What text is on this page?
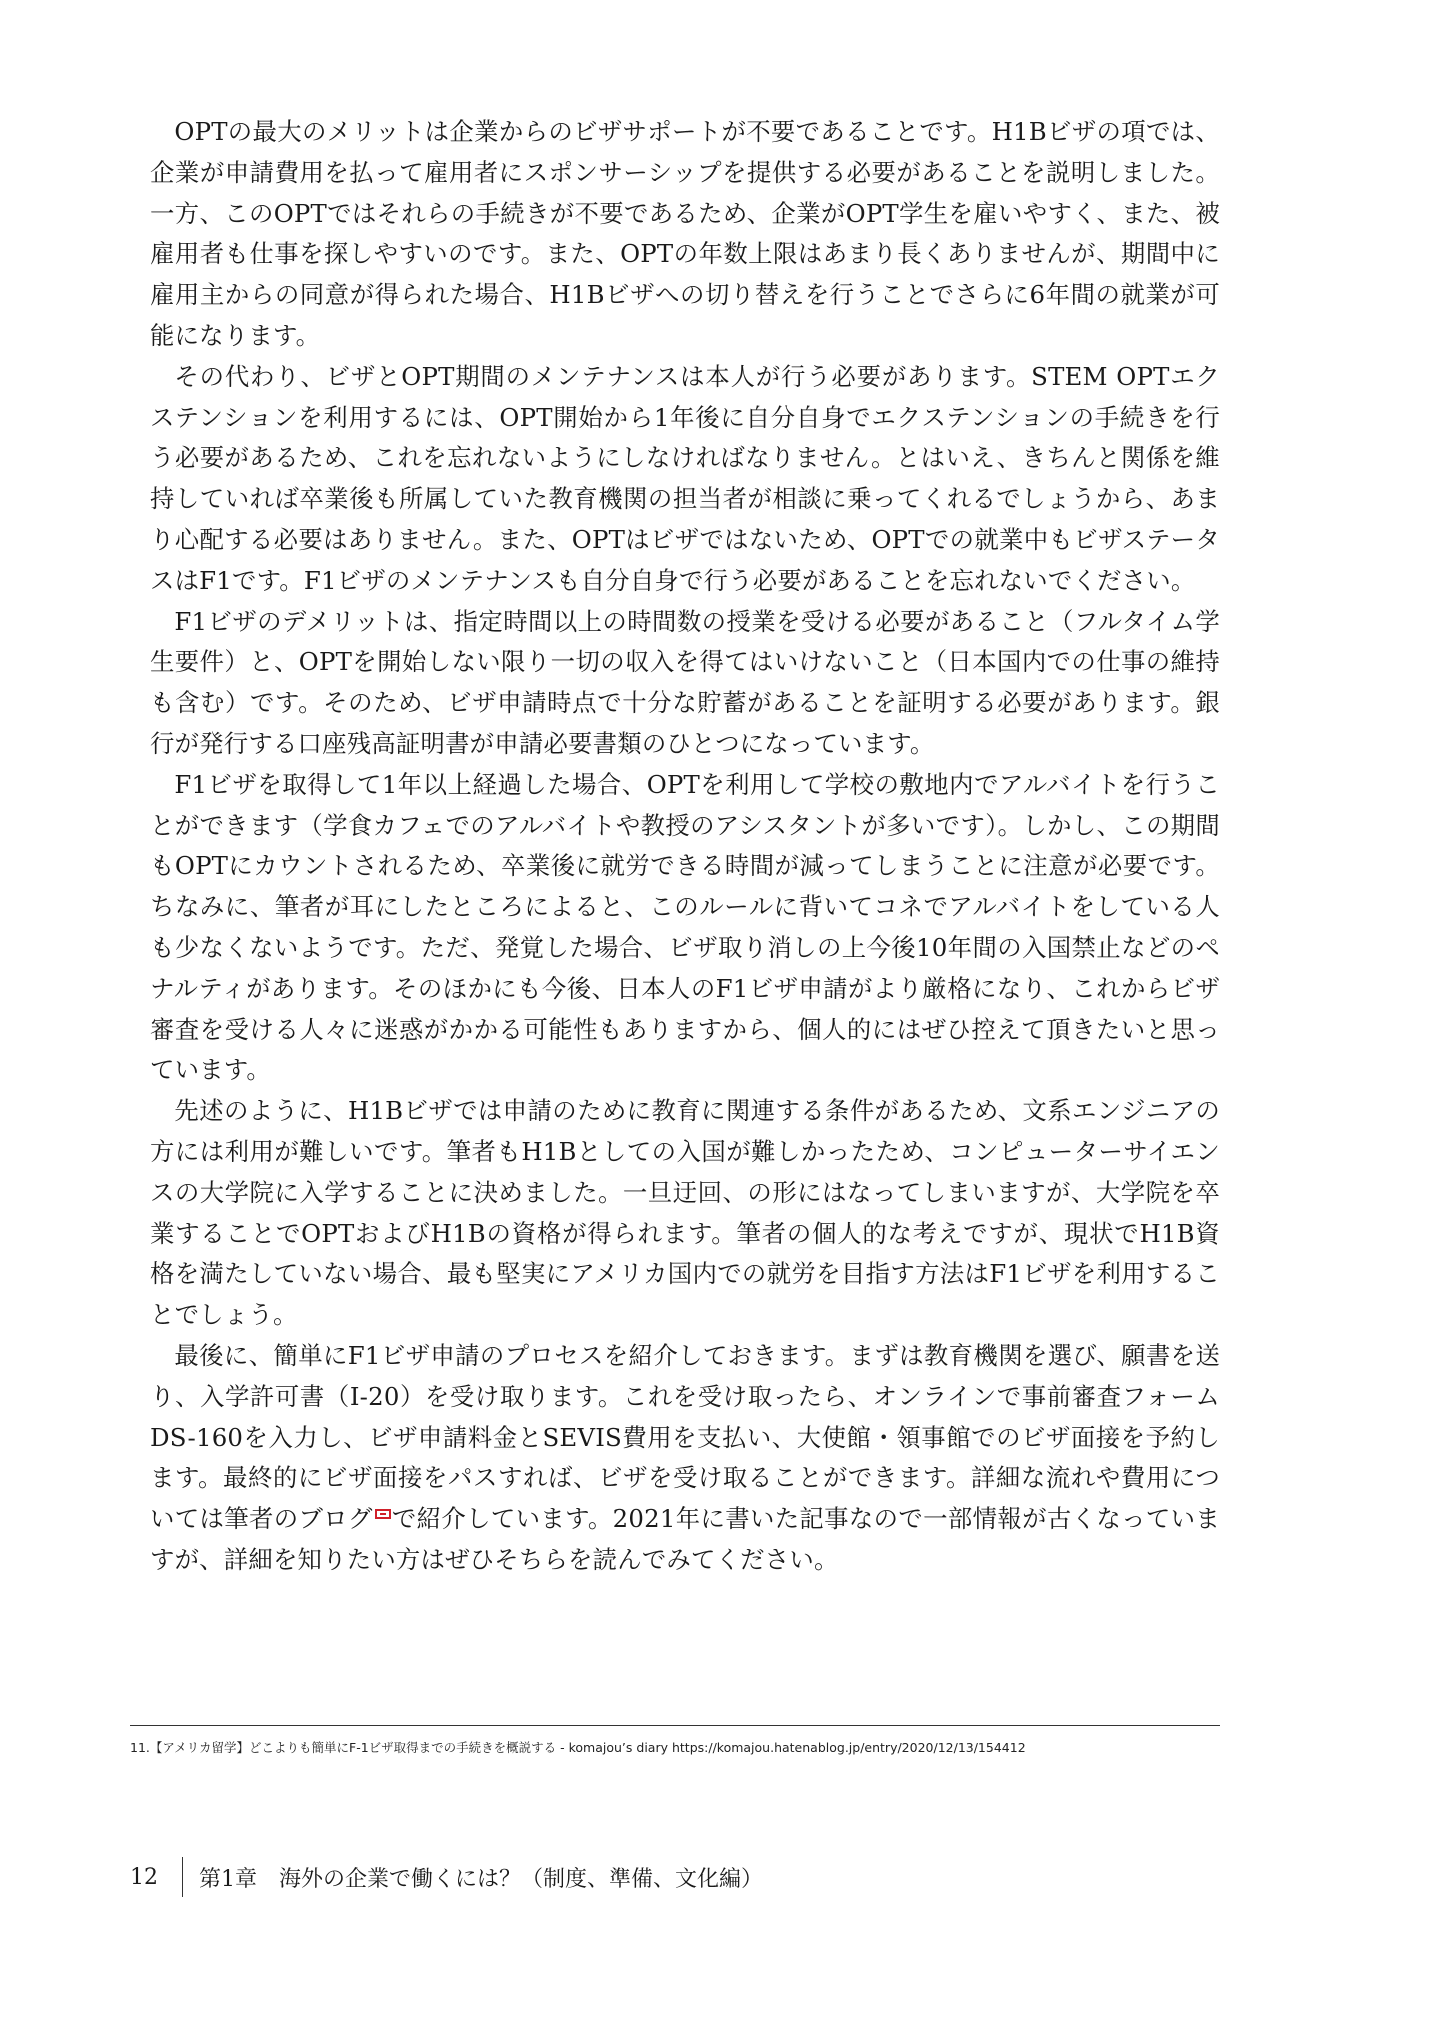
OPTの最大のメリットは企業からのビザサポートが不要であることです。H1Bビザの項では、企業が申請費用を払って雇用者にスポンサーシップを提供する必要があることを説明しました。一方、このOPTではそれらの手続きが不要であるため、企業がOPT学生を雇いやすく、また、被雇用者も仕事を探しやすいのです。また、OPTの年数上限はあまり長くありませんが、期間中に雇用主からの同意が得られた場合、H1Bビザへの切り替えを行うことでさらに6年間の就業が可能になります。

その代わり、ビザとOPT期間のメンテナンスは本人が行う必要があります。STEM OPTエクステンションを利用するには、OPT開始から1年後に自分自身でエクステンションの手続きを行う必要があるため、これを忘れないようにしなければなりません。とはいえ、きちんと関係を維持していれば卒業後も所属していた教育機関の担当者が相談に乗ってくれるでしょうから、あまり心配する必要はありません。また、OPTはビザではないため、OPTでの就業中もビザステータスはF1です。F1ビザのメンテナンスも自分自身で行う必要があることを忘れないでください。

F1ビザのデメリットは、指定時間以上の時間数の授業を受ける必要があること（フルタイム学生要件）と、OPTを開始しない限り一切の収入を得てはいけないこと（日本国内での仕事の維持も含む）です。そのため、ビザ申請時点で十分な貯蓄があることを証明する必要があります。銀行が発行する口座残高証明書が申請必要書類のひとつになっています。

F1ビザを取得して1年以上経過した場合、OPTを利用して学校の敷地内でアルバイトを行うことができます（学食カフェでのアルバイトや教授のアシスタントが多いです）。しかし、この期間もOPTにカウントされるため、卒業後に就労できる時間が減ってしまうことに注意が必要です。ちなみに、筆者が耳にしたところによると、このルールに背いてコネでアルバイトをしている人も少なくないようです。ただ、発覚した場合、ビザ取り消しの上今後10年間の入国禁止などのペナルティがあります。そのほかにも今後、日本人のF1ビザ申請がより厳格になり、これからビザ審査を受ける人々に迷惑がかかる可能性もありますから、個人的にはぜひ控えて頂きたいと思っています。

先述のように、H1Bビザでは申請のために教育に関連する条件があるため、文系エンジニアの方には利用が難しいです。筆者もH1Bとしての入国が難しかったため、コンピューターサイエンスの大学院に入学することに決めました。一旦迂回、の形にはなってしまいますが、大学院を卒業することでOPTおよびH1Bの資格が得られます。筆者の個人的な考えですが、現状でH1B資格を満たしていない場合、最も堅実にアメリカ国内での就労を目指す方法はF1ビザを利用することでしょう。

最後に、簡単にF1ビザ申請のプロセスを紹介しておきます。まずは教育機関を選び、願書を送り、入学許可書（I-20）を受け取ります。これを受け取ったら、オンラインで事前審査フォームDS-160を入力し、ビザ申請料金とSEVIS費用を支払い、大使館・領事館でのビザ面接を予約します。最終的にビザ面接をパスすれば、ビザを受け取ることができます。詳細な流れや費用については筆者のブログ で紹介しています。2021年に書いた記事なので一部情報が古くなっていますが、詳細を知りたい方はぜひそちらを読んでみてください。

11.【アメリカ留学】どこよりも簡単にF-1ビザ取得までの手続きを概説する - komajou’s diary https://komajou.hatenablog.jp/entry/2020/12/13/154412
12	第1章　海外の企業で働くには？（制度、準備、文化編）
